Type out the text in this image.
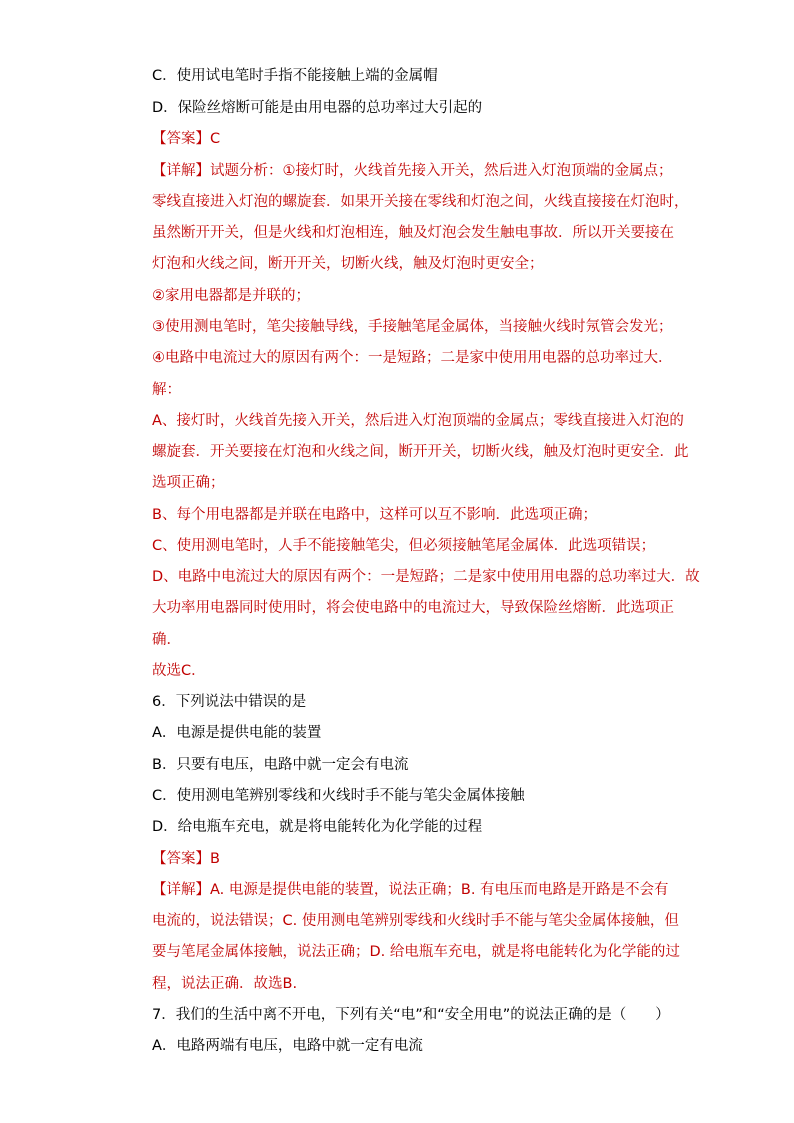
C．使用试电笔时手指不能接触上端的金属帽
D．保险丝熔断可能是由用电器的总功率过大引起的
【答案】C
【详解】试题分析：①接灯时，火线首先接入开关，然后进入灯泡顶端的金属点；
零线直接进入灯泡的螺旋套．如果开关接在零线和灯泡之间，火线直接接在灯泡时，
虽然断开开关，但是火线和灯泡相连，触及灯泡会发生触电事故．所以开关要接在
灯泡和火线之间，断开开关，切断火线，触及灯泡时更安全；
②家用电器都是并联的；
③使用测电笔时，笔尖接触导线，手接触笔尾金属体，当接触火线时氖管会发光；
④电路中电流过大的原因有两个：一是短路；二是家中使用用电器的总功率过大．
解：
A、接灯时，火线首先接入开关，然后进入灯泡顶端的金属点；零线直接进入灯泡的
螺旋套．开关要接在灯泡和火线之间，断开开关，切断火线，触及灯泡时更安全．此
选项正确；
B、每个用电器都是并联在电路中，这样可以互不影响．此选项正确；
C、使用测电笔时，人手不能接触笔尖，但必须接触笔尾金属体．此选项错误；
D、电路中电流过大的原因有两个：一是短路；二是家中使用用电器的总功率过大．故
大功率用电器同时使用时，将会使电路中的电流过大，导致保险丝熔断．此选项正
确．
故选C．
6．下列说法中错误的是
A．电源是提供电能的装置
B．只要有电压，电路中就一定会有电流
C．使用测电笔辨别零线和火线时手不能与笔尖金属体接触
D．给电瓶车充电，就是将电能转化为化学能的过程
【答案】B
【详解】A. 电源是提供电能的装置，说法正确；B. 有电压而电路是开路是不会有
电流的，说法错误；C. 使用测电笔辨别零线和火线时手不能与笔尖金属体接触，但
要与笔尾金属体接触，说法正确；D. 给电瓶车充电，就是将电能转化为化学能的过
程，说法正确．故选B.
7．我们的生活中离不开电，下列有关“电”和“安全用电”的说法正确的是（　　）
A．电路两端有电压，电路中就一定有电流
